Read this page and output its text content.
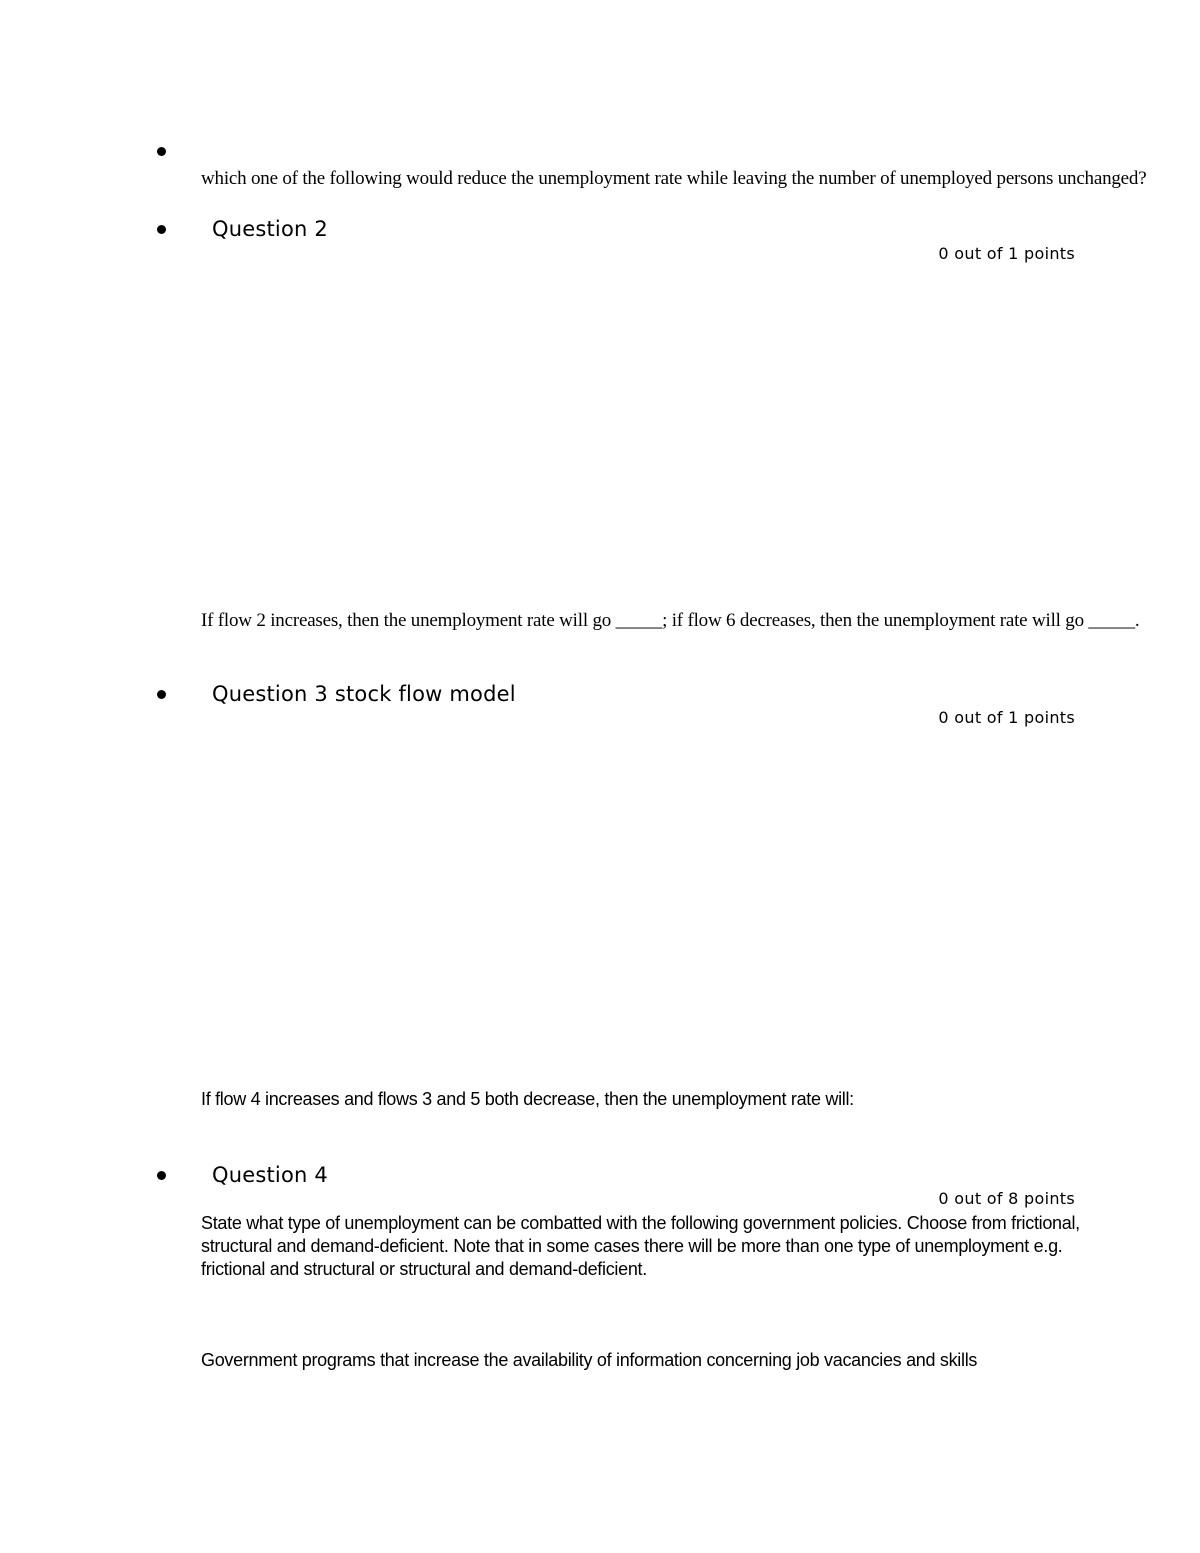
which one of the following would reduce the unemployment rate while leaving the number of unemployed persons unchanged?

Question 2
0 out of 1 points

If flow 2 increases, then the unemployment rate will go _____; if flow 6 decreases, then the unemployment rate will go _____.

Question 3 stock flow model
0 out of 1 points

If flow 4 increases and flows 3 and 5 both decrease, then the unemployment rate will:

Question 4
0 out of 8 points

State what type of unemployment can be combatted with the following government policies. Choose from frictional, structural and demand-deficient. Note that in some cases there will be more than one type of unemployment e.g. frictional and structural or structural and demand-deficient.

Government programs that increase the availability of information concerning job vacancies and skills
